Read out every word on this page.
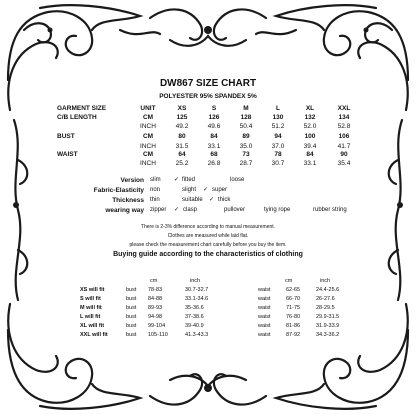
DW867 SIZE CHART
POLYESTER 95% SPANDEX 5%
GARMENT SIZE	UNIT	XS	S	M	L	XL	XXL
C/B LENGTH	CM	125	126	128	130	132	134
INCH	49.2	49.6	50.4	51.2	52.0	52.8
BUST	CM	80	84	89	94	100	106
INCH	31.5	33.1	35.0	37.0	39.4	41.7
WAIST	CM	64	68	73	78	84	90
INCH	25.2	26.8	28.7	30.7	33.1	35.4
Version slim ✓ fitted	loose
Fabric-Elasticity non	slight ✓ super
Thickness thin	suitable ✓ thick
wearing way zipper ✓ clasp	pullover	tying rope	rubber string
There is 2-3% difference according to manual measurement.
Clothes are measured while laid flat.
please check the measurement chart carefully before you buy the item.
Buying guide according to the characteristics of clothing
cm	inch	cm	inch
XS will fit	bust 78-83	30.7-32.7	waist	62-65	24.4-25.6
S will fit	bust 84-88	33.1-34.6	waist	66-70	26-27.6
M will fit	bust 89-93	35-36.6	waist	71-75	28-29.5
L will fit	bust 94-98	37-38.6	waist	76-80	29.9-31.5
XL will fit	bust 99-104	39-40.9	waist	81-86	31.9-33.9
XXL will fit	bust 105-110	41.3-43.3	waist	87-92	34.3-36.2
